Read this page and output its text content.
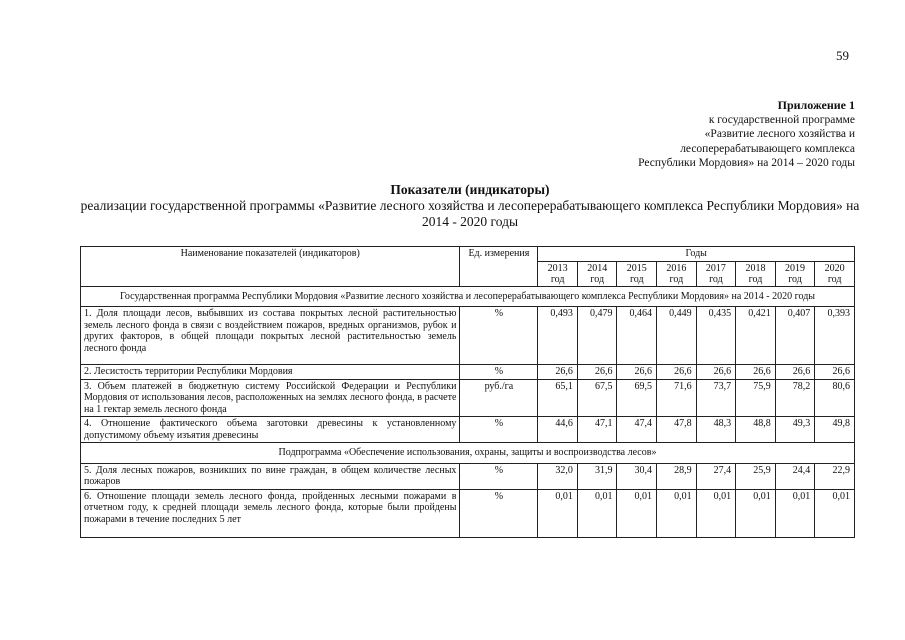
59
Приложение 1
к государственной программе
«Развитие лесного хозяйства и
лесоперерабатывающего комплекса
Республики Мордовия» на 2014 – 2020 годы
Показатели (индикаторы)
реализации государственной программы «Развитие лесного хозяйства и лесоперерабатывающего комплекса Республики Мордовия» на 2014 - 2020 годы
Наименование показателей (индикаторов)	Ед. измерения	Годы							
		2013 год	2014 год	2015 год	2016 год	2017 год	2018 год	2019 год	2020 год
Государственная программа Республики Мордовия «Развитие лесного хозяйства и лесоперерабатывающего комплекса Республики Мордовия» на 2014 - 2020 годы									
1. Доля площади лесов, выбывших из состава покрытых лесной растительностью земель лесного фонда в связи с воздействием пожаров, вредных организмов, рубок и других факторов, в общей площади покрытых лесной растительностью земель лесного фонда	%	0,493	0,479	0,464	0,449	0,435	0,421	0,407	0,393
2. Лесистость территории Республики Мордовия	%	26,6	26,6	26,6	26,6	26,6	26,6	26,6	26,6
3. Объем платежей в бюджетную систему Российской Федерации и Республики Мордовия от использования лесов, расположенных на землях лесного фонда, в расчете на 1 гектар земель лесного фонда	руб./га	65,1	67,5	69,5	71,6	73,7	75,9	78,2	80,6
4. Отношение фактического объема заготовки древесины к установленному допустимому объему изъятия древесины	%	44,6	47,1	47,4	47,8	48,3	48,8	49,3	49,8
Подпрограмма «Обеспечение использования, охраны, защиты и воспроизводства лесов»									
5. Доля лесных пожаров, возникших по вине граждан, в общем количестве лесных пожаров	%	32,0	31,9	30,4	28,9	27,4	25,9	24,4	22,9
6. Отношение площади земель лесного фонда, пройденных лесными пожарами в отчетном году, к средней площади земель лесного фонда, которые были пройдены пожарами в течение последних 5 лет	%	0,01	0,01	0,01	0,01	0,01	0,01	0,01	0,01
